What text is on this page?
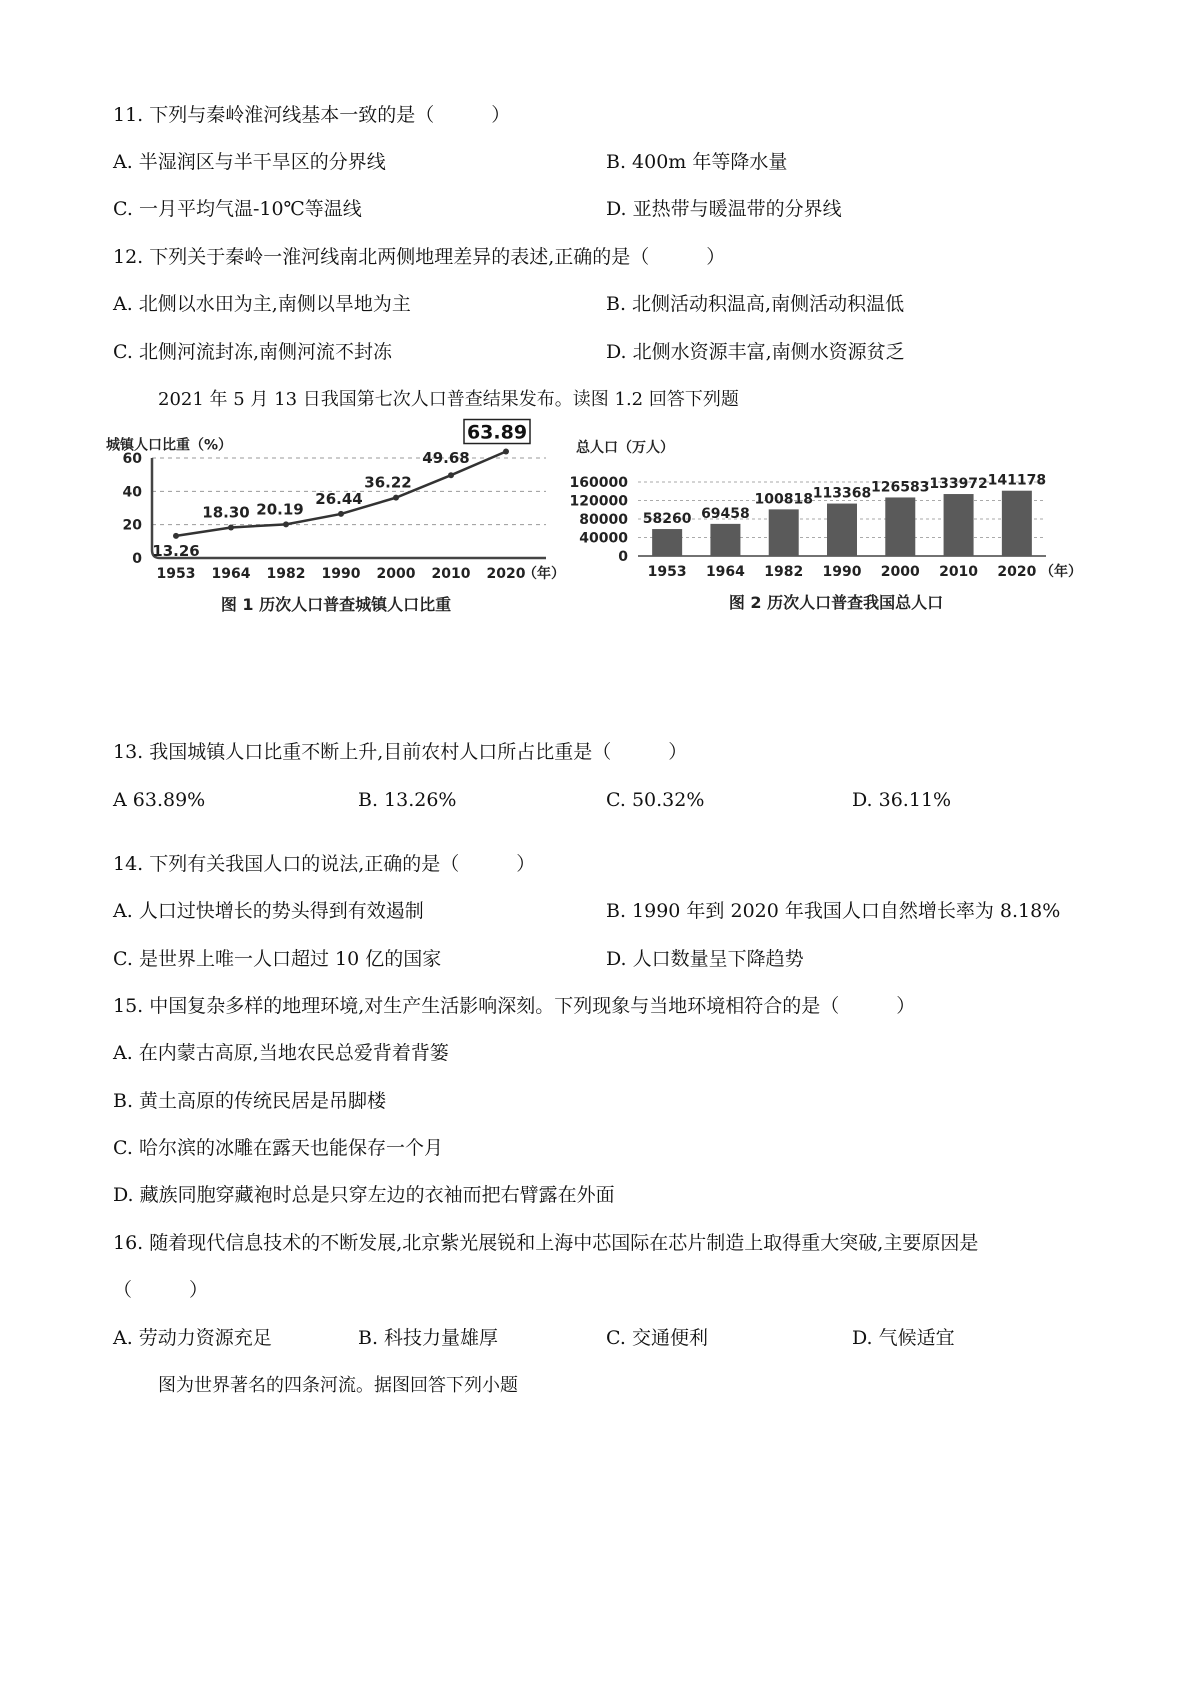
11. 下列与秦岭淮河线基本一致的是（　　　）
A. 半湿润区与半干旱区的分界线	B. 400m 年等降水量
C. 一月平均气温-10℃等温线	D. 亚热带与暖温带的分界线
12. 下列关于秦岭一淮河线南北两侧地理差异的表述,正确的是（　　　）
A. 北侧以水田为主,南侧以旱地为主	B. 北侧活动积温高,南侧活动积温低
C. 北侧河流封冻,南侧河流不封冻	D. 北侧水资源丰富,南侧水资源贫乏
2021 年 5 月 13 日我国第七次人口普查结果发布。读图 1.2 回答下列题
城镇人口比重（%）
0
20
40
60
13.26
18.30 20.19
26.44
36.22
49.68
63.89
1953 1964 1982 1990 2000 2010 2020
（年）
图 1 历次人口普查城镇人口比重
总人口（万人）
0
40000
80000
120000
160000
58260 69458
100818 113368 126583 133972 141178
1953 1964 1982 1990 2000 2010 2020 （年）
图 2 历次人口普查我国总人口
13. 我国城镇人口比重不断上升,目前农村人口所占比重是（　　　）
A 63.89%	B. 13.26%	C. 50.32%	D. 36.11%
14. 下列有关我国人口的说法,正确的是（　　　）
A. 人口过快增长的势头得到有效遏制	B. 1990 年到 2020 年我国人口自然增长率为 8.18%
C. 是世界上唯一人口超过 10 亿的国家	D. 人口数量呈下降趋势
15. 中国复杂多样的地理环境,对生产生活影响深刻。下列现象与当地环境相符合的是（　　　）
A. 在内蒙古高原,当地农民总爱背着背篓
B. 黄土高原的传统民居是吊脚楼
C. 哈尔滨的冰雕在露天也能保存一个月
D. 藏族同胞穿藏袍时总是只穿左边的衣袖而把右臂露在外面
16. 随着现代信息技术的不断发展,北京紫光展锐和上海中芯国际在芯片制造上取得重大突破,主要原因是
（　　　）
A. 劳动力资源充足	B. 科技力量雄厚	C. 交通便利	D. 气候适宜
图为世界著名的四条河流。据图回答下列小题
